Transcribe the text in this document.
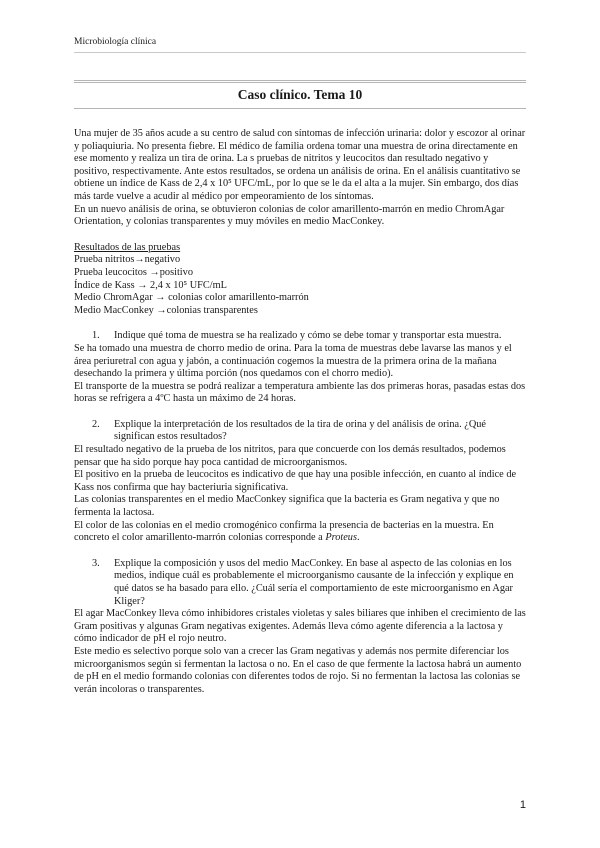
Microbiología clínica
Caso clínico. Tema 10

Una mujer de 35 años acude a su centro de salud con síntomas de infección urinaria: dolor y escozor al orinar y poliaquiuria. No presenta fiebre. El médico de familia ordena tomar una muestra de orina directamente en ese momento y realiza un tira de orina. La s pruebas de nitritos y leucocitos dan resultado negativo y positivo, respectivamente. Ante estos resultados, se ordena un análisis de orina. En el análisis cuantitativo se obtiene un índice de Kass de 2,4 x 10⁵ UFC/mL, por lo que se le da el alta a la mujer. Sin embargo, dos días más tarde vuelve a acudir al médico por empeoramiento de los síntomas.

En un nuevo análisis de orina, se obtuvieron colonias de color amarillento-marrón en medio ChromAgar Orientation, y colonias transparentes y muy móviles en medio MacConkey.

Resultados de las pruebas

Prueba nitritos→negativo

Prueba leucocitos →positivo

Índice de Kass → 2,4 x 10⁵ UFC/mL

Medio ChromAgar → colonias color amarillento-marrón

Medio MacConkey →colonias transparentes

1.	Indique qué toma de muestra se ha realizado y cómo se debe tomar y transportar esta muestra.

Se ha tomado una muestra de chorro medio de orina. Para la toma de muestras debe lavarse las manos y el área periuretral con agua y jabón, a continuación cogemos la muestra de la primera orina de la mañana desechando la primera y última porción (nos quedamos con el chorro medio).

El transporte de la muestra se podrá realizar a temperatura ambiente las dos primeras horas, pasadas estas dos horas se refrigera a 4ºC hasta un máximo de 24 horas.

2.	Explique la interpretación de los resultados de la tira de orina y del análisis de orina. ¿Qué significan estos resultados?

El resultado negativo de la prueba de los nitritos, para que concuerde con los demás resultados, podemos pensar que ha sido porque hay poca cantidad de microorganismos.

El positivo en la prueba de leucocitos es indicativo de que hay una posible infección, en cuanto al índice de Kass nos confirma que hay bacteriuria significativa.

Las colonias transparentes en el medio MacConkey significa que la bacteria es Gram negativa y que no fermenta la lactosa.

El color de las colonias en el medio cromogénico confirma la presencia de bacterias en la muestra. En concreto el color amarillento-marrón colonias corresponde a Proteus.

3.	Explique la composición y usos del medio MacConkey. En base al aspecto de las colonias en los medios, indique cuál es probablemente el microorganismo causante de la infección y explique en qué datos se ha basado para ello. ¿Cuál sería el comportamiento de este microorganismo en Agar Kliger?

El agar MacConkey lleva cómo inhibidores cristales violetas y sales biliares que inhiben el crecimiento de las Gram positivas y algunas Gram negativas exigentes. Además lleva cómo agente diferencia a la lactosa y cómo indicador de pH el rojo neutro.

Este medio es selectivo porque solo van a crecer las Gram negativas y además nos permite diferenciar los microorganismos según si fermentan la lactosa o no. En el caso de que fermente la lactosa habrá un aumento de pH en el medio formando colonias con diferentes todos de rojo. Si no fermentan la lactosa las colonias se verán incoloras o transparentes.

1
